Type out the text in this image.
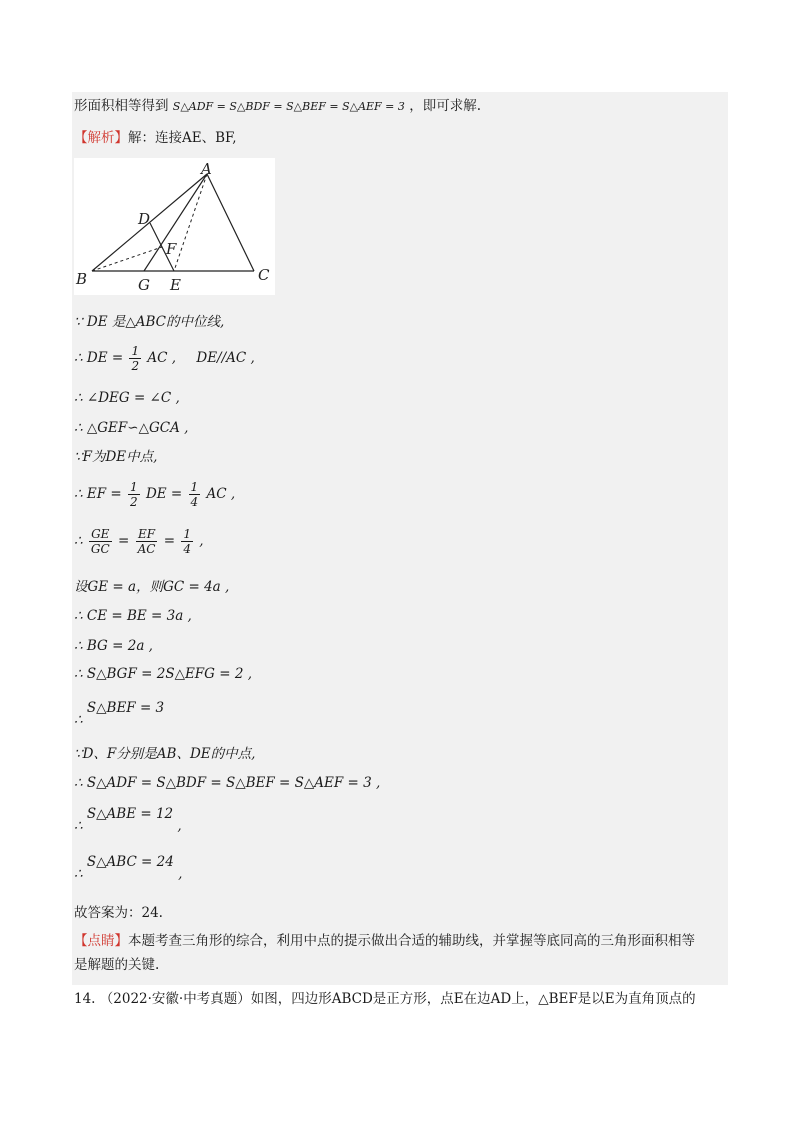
形面积相等得到 S△ADF = S△BDF = S△BEF = S△AEF = 3 ，即可求解.
【解析】解：连接AE、BF,
A
B	C
D
F
G E
∵ DE 是△ABC的中位线,
∴ DE = $\frac{1}{2}$ AC , DE//AC ,
∴ ∠DEG = ∠C ,
∴ △GEF∽△GCA ,
∵F为DE中点,
∴ EF = $\frac{1}{2}$ DE = $\frac{1}{4}$ AC ,
∴ $\frac{GE}{GC} = \frac{EF}{AC} = \frac{1}{4}$ ,
设GE = a，则GC = 4a ,
∴ CE = BE = 3a ,
∴ BG = 2a ,
∴ S△BGF = 2S△EFG = 2 ,
∴ S△BEF = 3
∵D、F分别是AB、DE的中点,
∴ S△ADF = S△BDF = S△BEF = S△AEF = 3 ,
∴ S△ABE = 12 ,
∴ S△ABC = 24 ,
故答案为：24.
【点睛】本题考查三角形的综合，利用中点的提示做出合适的辅助线，并掌握等底同高的三角形面积相等
是解题的关键.
14. （2022·安徽·中考真题）如图，四边形ABCD是正方形，点E在边AD上，△BEF是以E为直角顶点的
